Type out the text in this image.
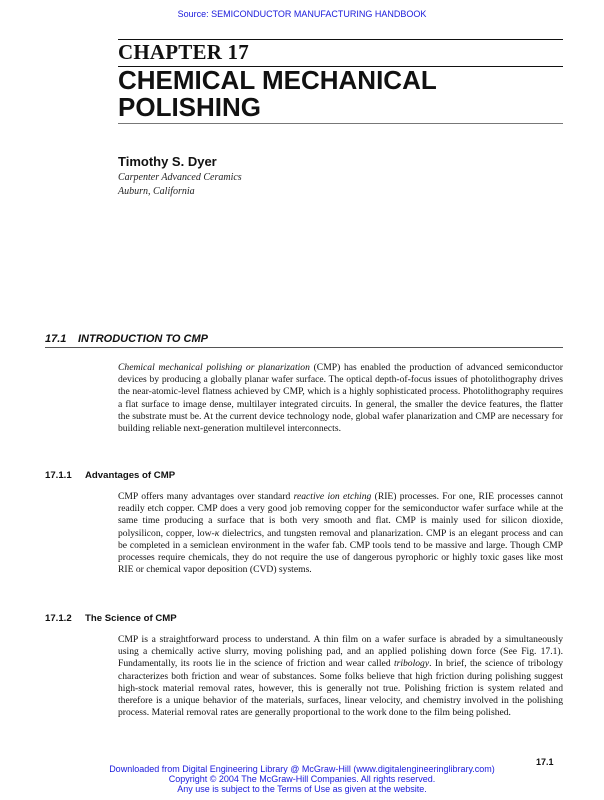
Source: SEMICONDUCTOR MANUFACTURING HANDBOOK
CHAPTER 17
CHEMICAL MECHANICAL POLISHING
Timothy S. Dyer
Carpenter Advanced Ceramics
Auburn, California
17.1 INTRODUCTION TO CMP

Chemical mechanical polishing or planarization (CMP) has enabled the production of advanced semiconductor devices by producing a globally planar wafer surface. The optical depth-of-focus issues of photolithography drives the near-atomic-level flatness achieved by CMP, which is a highly sophisticated process. Photolithography requires a flat surface to image dense, multilayer integrated circuits. In general, the smaller the device features, the flatter the substrate must be. At the current device technology node, global wafer planarization and CMP are necessary for building reliable next-generation multilevel interconnects.

17.1.1 Advantages of CMP

CMP offers many advantages over standard reactive ion etching (RIE) processes. For one, RIE processes cannot readily etch copper. CMP does a very good job removing copper for the semiconductor wafer surface while at the same time producing a surface that is both very smooth and flat. CMP is mainly used for silicon dioxide, polysilicon, copper, low-κ dielectrics, and tungsten removal and planarization. CMP is an elegant process and can be completed in a semiclean environment in the wafer fab. CMP tools tend to be massive and large. Though CMP processes require chemicals, they do not require the use of dangerous pyrophoric or highly toxic gases like most RIE or chemical vapor deposition (CVD) systems.

17.1.2 The Science of CMP

CMP is a straightforward process to understand. A thin film on a wafer surface is abraded by a simultaneously using a chemically active slurry, moving polishing pad, and an applied polishing down force (See Fig. 17.1). Fundamentally, its roots lie in the science of friction and wear called tribology. In brief, the science of tribology characterizes both friction and wear of substances. Some folks believe that high friction during polishing suggest high-stock material removal rates, however, this is generally not true. Polishing friction is system related and therefore is a unique behavior of the materials, surfaces, linear velocity, and chemistry involved in the polishing process. Material removal rates are generally proportional to the work done to the film being polished.

17.1
Downloaded from Digital Engineering Library @ McGraw-Hill (www.digitalengineeringlibrary.com)
Copyright © 2004 The McGraw-Hill Companies. All rights reserved.
Any use is subject to the Terms of Use as given at the website.
